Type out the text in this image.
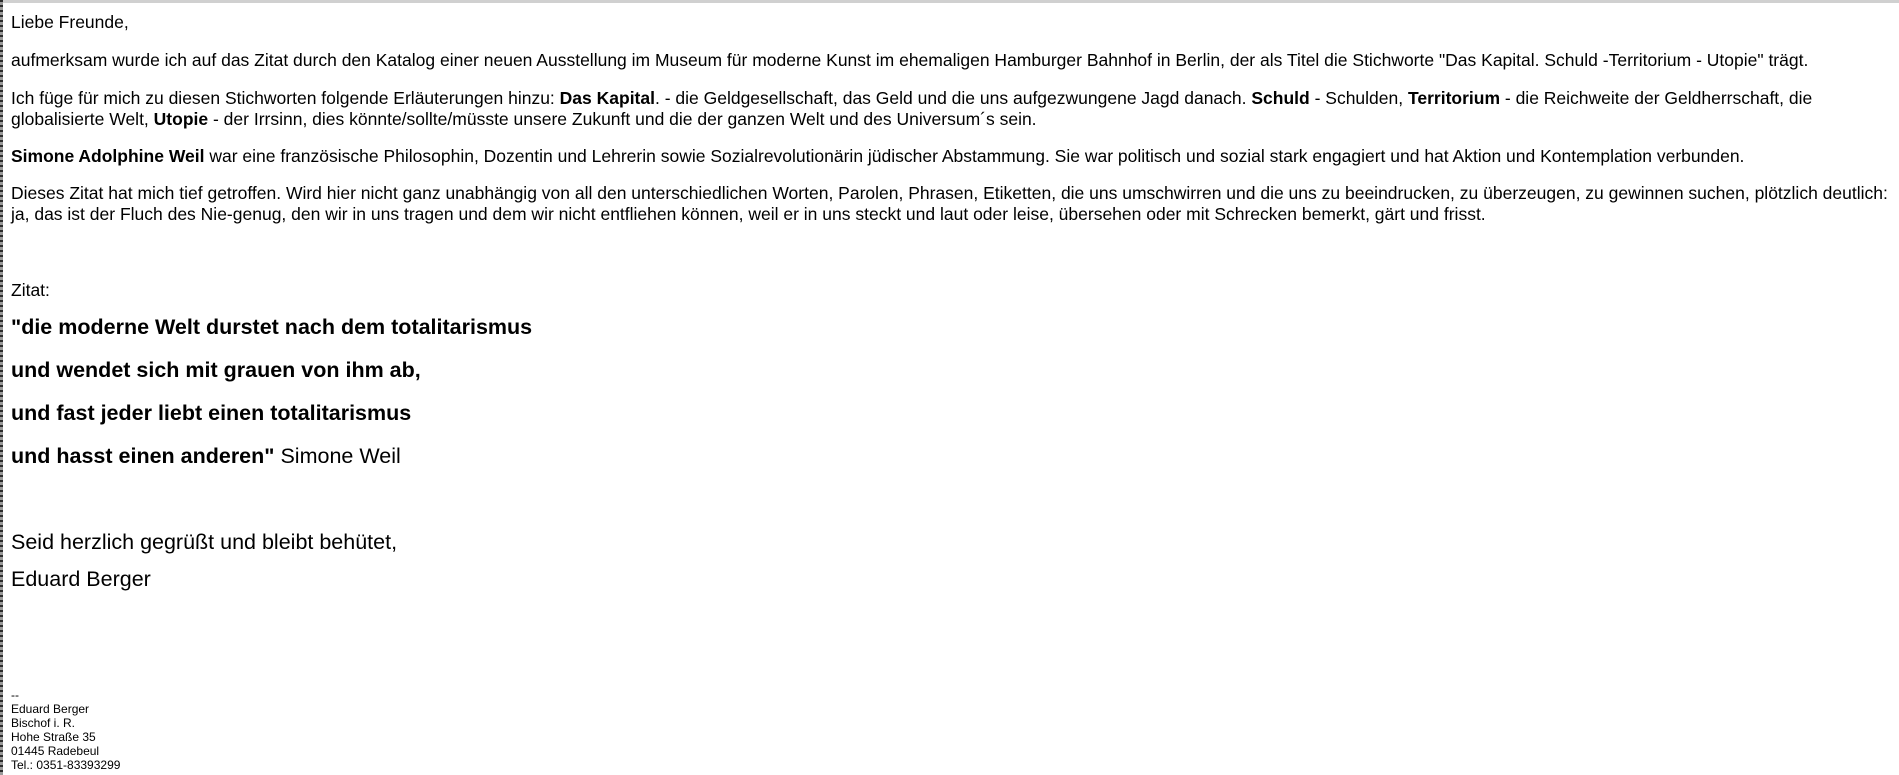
Liebe Freunde,

aufmerksam wurde ich auf das Zitat durch den Katalog einer neuen Ausstellung im Museum für moderne Kunst im ehemaligen Hamburger Bahnhof in Berlin, der als Titel die Stichworte "Das Kapital. Schuld -Territorium - Utopie" trägt.

Ich füge für mich zu diesen Stichworten folgende Erläuterungen hinzu: Das Kapital. - die Geldgesellschaft, das Geld und die uns aufgezwungene Jagd danach. Schuld - Schulden, Territorium - die Reichweite der Geldherrschaft, die globalisierte Welt, Utopie - der Irrsinn, dies könnte/sollte/müsste unsere Zukunft und die der ganzen Welt und des Universum´s sein.

Simone Adolphine Weil war eine französische Philosophin, Dozentin und Lehrerin sowie Sozialrevolutionärin jüdischer Abstammung. Sie war politisch und sozial stark engagiert und hat Aktion und Kontemplation verbunden.

Dieses Zitat hat mich tief getroffen. Wird hier nicht ganz unabhängig von all den unterschiedlichen Worten, Parolen, Phrasen, Etiketten, die uns umschwirren und die uns zu beeindrucken, zu überzeugen, zu gewinnen suchen, plötzlich deutlich: ja, das ist der Fluch des Nie-genug, den wir in uns tragen und dem wir nicht entfliehen können, weil er in uns steckt und laut oder leise, übersehen oder mit Schrecken bemerkt, gärt und frisst.

Zitat:

"die moderne Welt durstet nach dem totalitarismus

und wendet sich mit grauen von ihm ab,

und fast jeder liebt einen totalitarismus

und hasst einen anderen" Simone Weil

Seid herzlich gegrüßt und bleibt behütet,

Eduard Berger

--
Eduard Berger
Bischof i. R.
Hohe Straße 35
01445 Radebeul
Tel.: 0351-83393299
